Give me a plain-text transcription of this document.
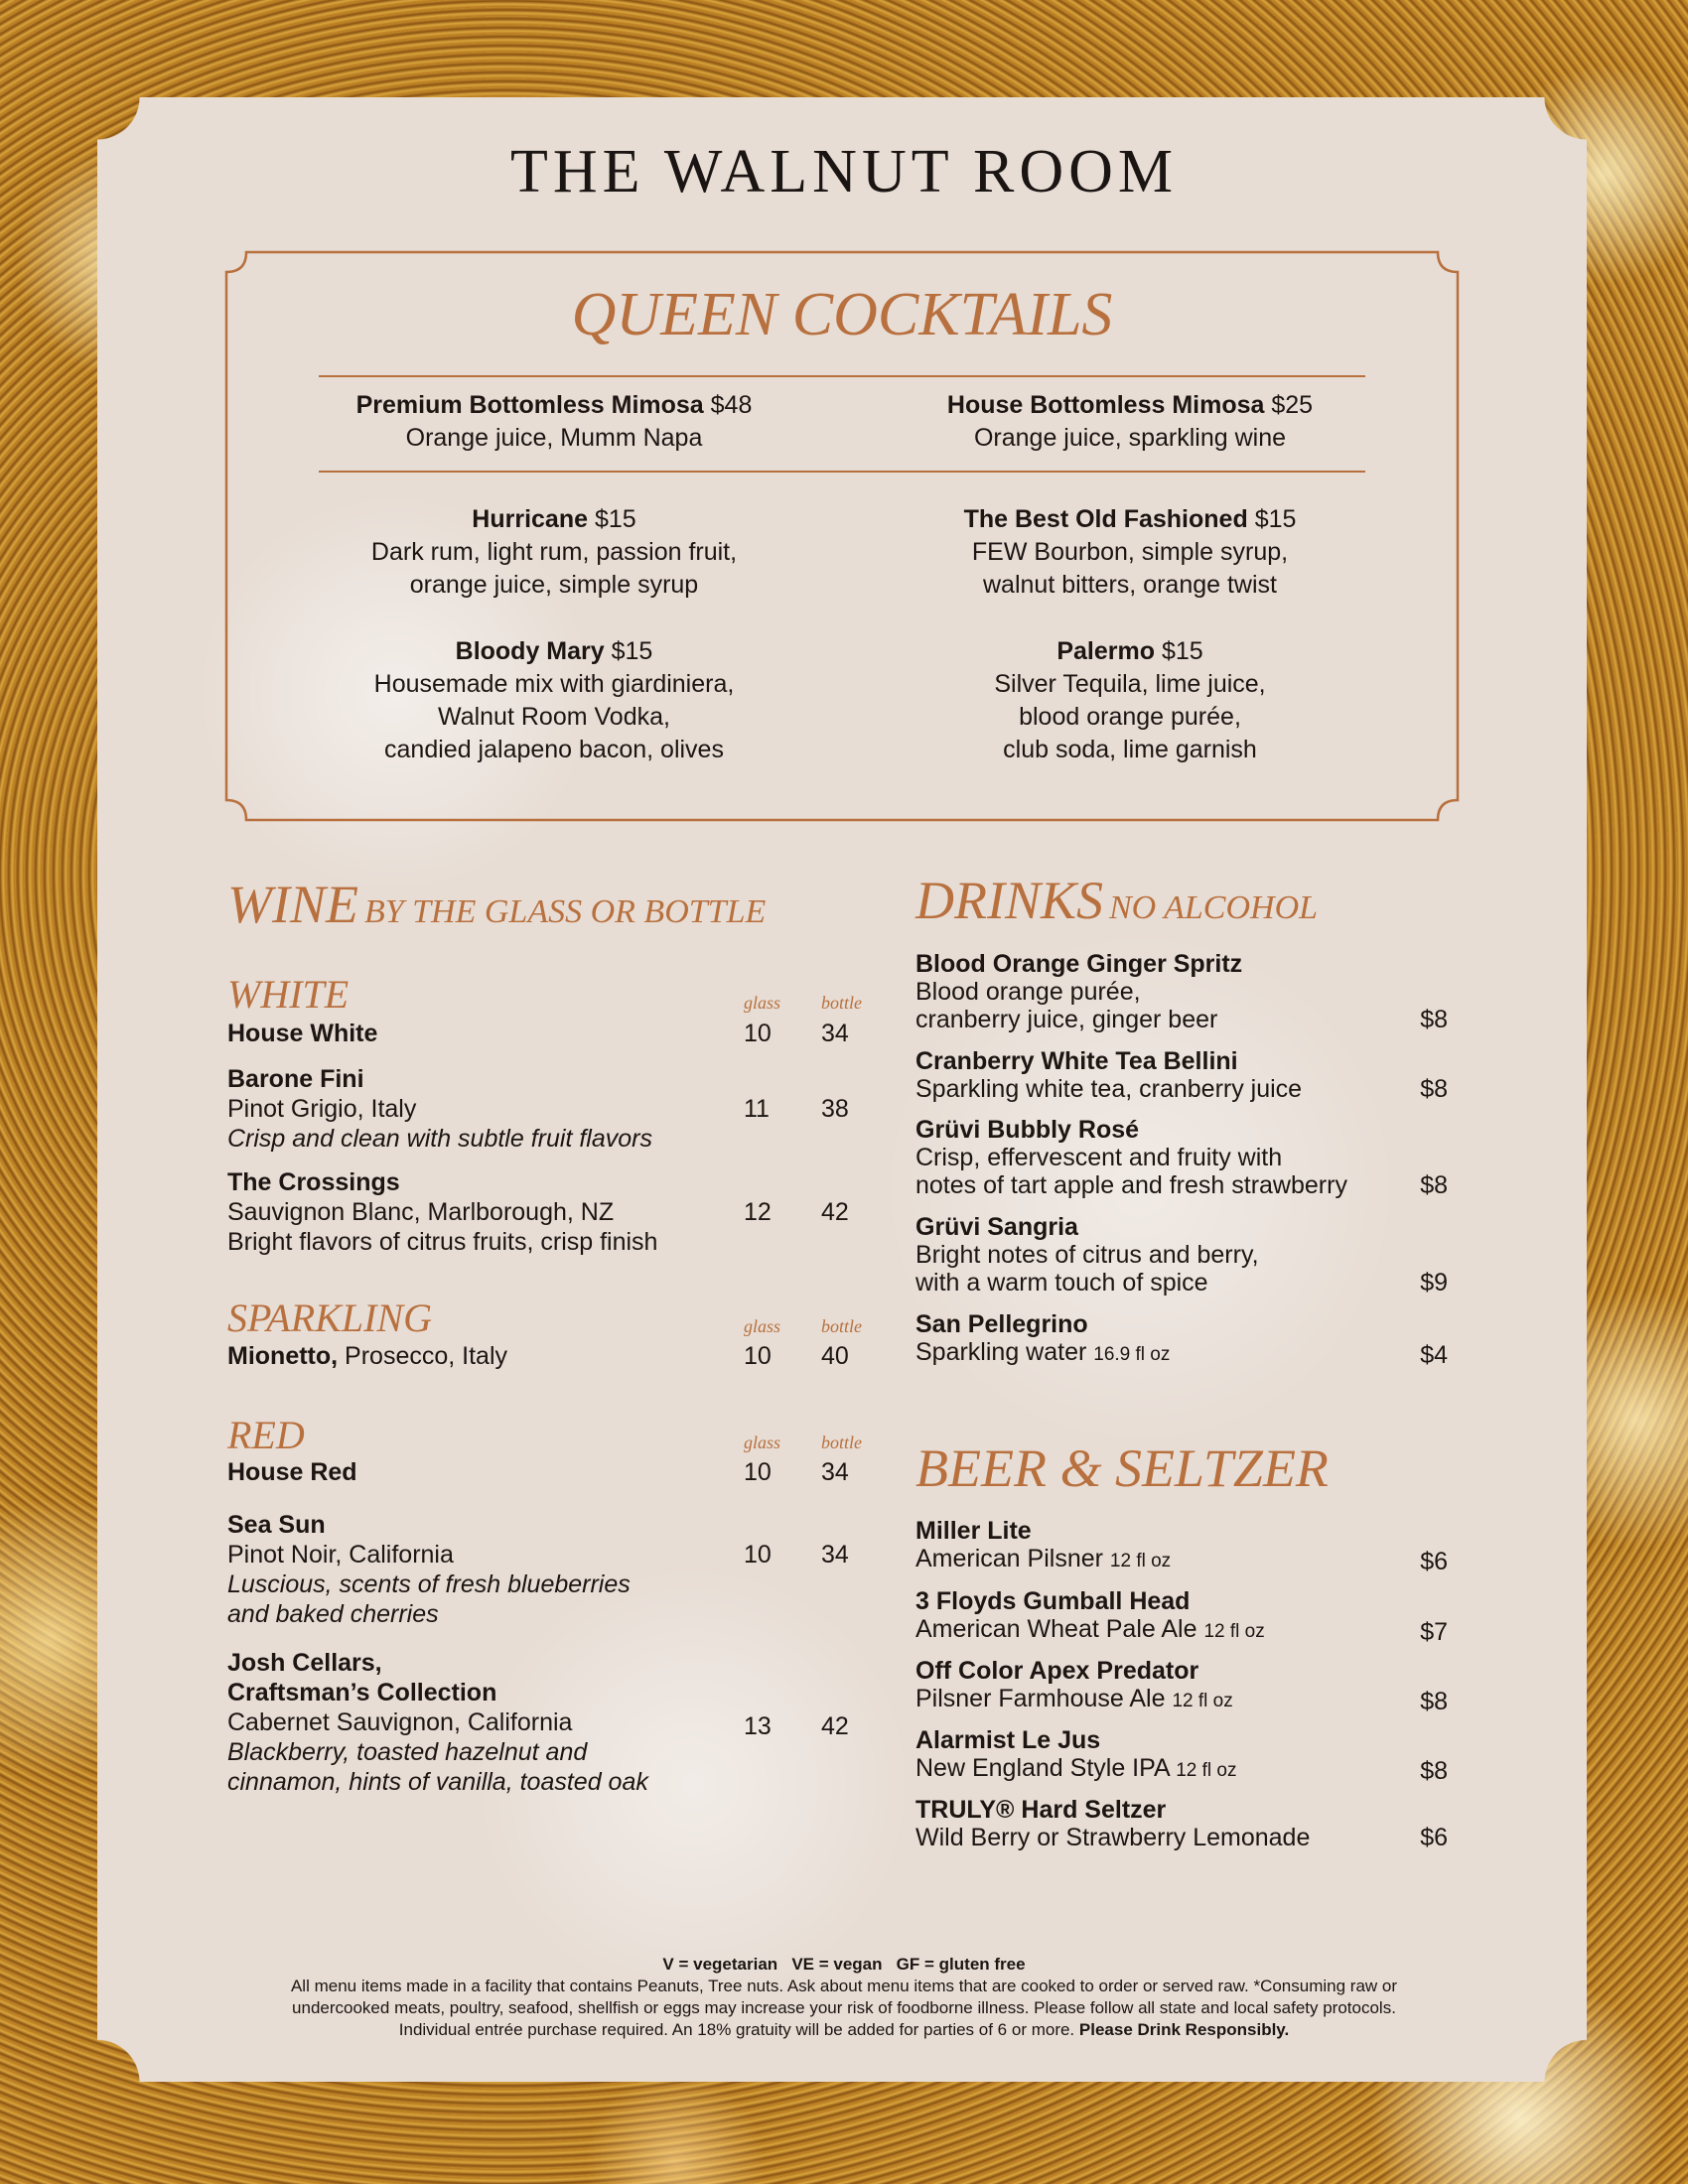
THE WALNUT ROOM
QUEEN COCKTAILS
Premium Bottomless Mimosa $48
Orange juice, Mumm Napa
House Bottomless Mimosa $25
Orange juice, sparkling wine
Hurricane $15
Dark rum, light rum, passion fruit,
orange juice, simple syrup
The Best Old Fashioned $15
FEW Bourbon, simple syrup,
walnut bitters, orange twist
Bloody Mary $15
Housemade mix with giardiniera,
Walnut Room Vodka,
candied jalapeno bacon, olives
Palermo $15
Silver Tequila, lime juice,
blood orange purée,
club soda, lime garnish
WINE BY THE GLASS OR BOTTLE
WHITE	glass bottle
SPARKLING	glass bottle
RED	glass bottle
House White	10	34
Barone Fini
Pinot Grigio, Italy
Crisp and clean with subtle fruit flavors
11	38
The Crossings
Sauvignon Blanc, Marlborough, NZ
Bright flavors of citrus fruits, crisp finish
12	42
Mionetto, Prosecco, Italy	10	40
House Red	10	34
Sea Sun
Pinot Noir, California
Luscious, scents of fresh blueberries
and baked cherries
10	34
Josh Cellars,
Craftsman’s Collection
Cabernet Sauvignon, California
Blackberry, toasted hazelnut and
cinnamon, hints of vanilla, toasted oak
13	42
DRINKS NO ALCOHOL
Blood Orange Ginger Spritz
Blood orange purée,
cranberry juice, ginger beer	$8
Cranberry White Tea Bellini
Sparkling white tea, cranberry juice	$8
Grüvi Bubbly Rosé
Crisp, effervescent and fruity with
notes of tart apple and fresh strawberry	$8
Grüvi Sangria
Bright notes of citrus and berry,
with a warm touch of spice	$9
San Pellegrino
Sparkling water 16.9 fl oz	$4
BEER & SELTZER
Miller Lite
American Pilsner 12 fl oz	$6
3 Floyds Gumball Head
American Wheat Pale Ale 12 fl oz	$7
Off Color Apex Predator
Pilsner Farmhouse Ale 12 fl oz	$8
Alarmist Le Jus
New England Style IPA 12 fl oz	$8
TRULY® Hard Seltzer
Wild Berry or Strawberry Lemonade	$6
V = vegetarian   VE = vegan   GF = gluten free
All menu items made in a facility that contains Peanuts, Tree nuts. Ask about menu items that are cooked to order or served raw. *Consuming raw or
undercooked meats, poultry, seafood, shellfish or eggs may increase your risk of foodborne illness. Please follow all state and local safety protocols.
Individual entrée purchase required. An 18% gratuity will be added for parties of 6 or more. Please Drink Responsibly.
